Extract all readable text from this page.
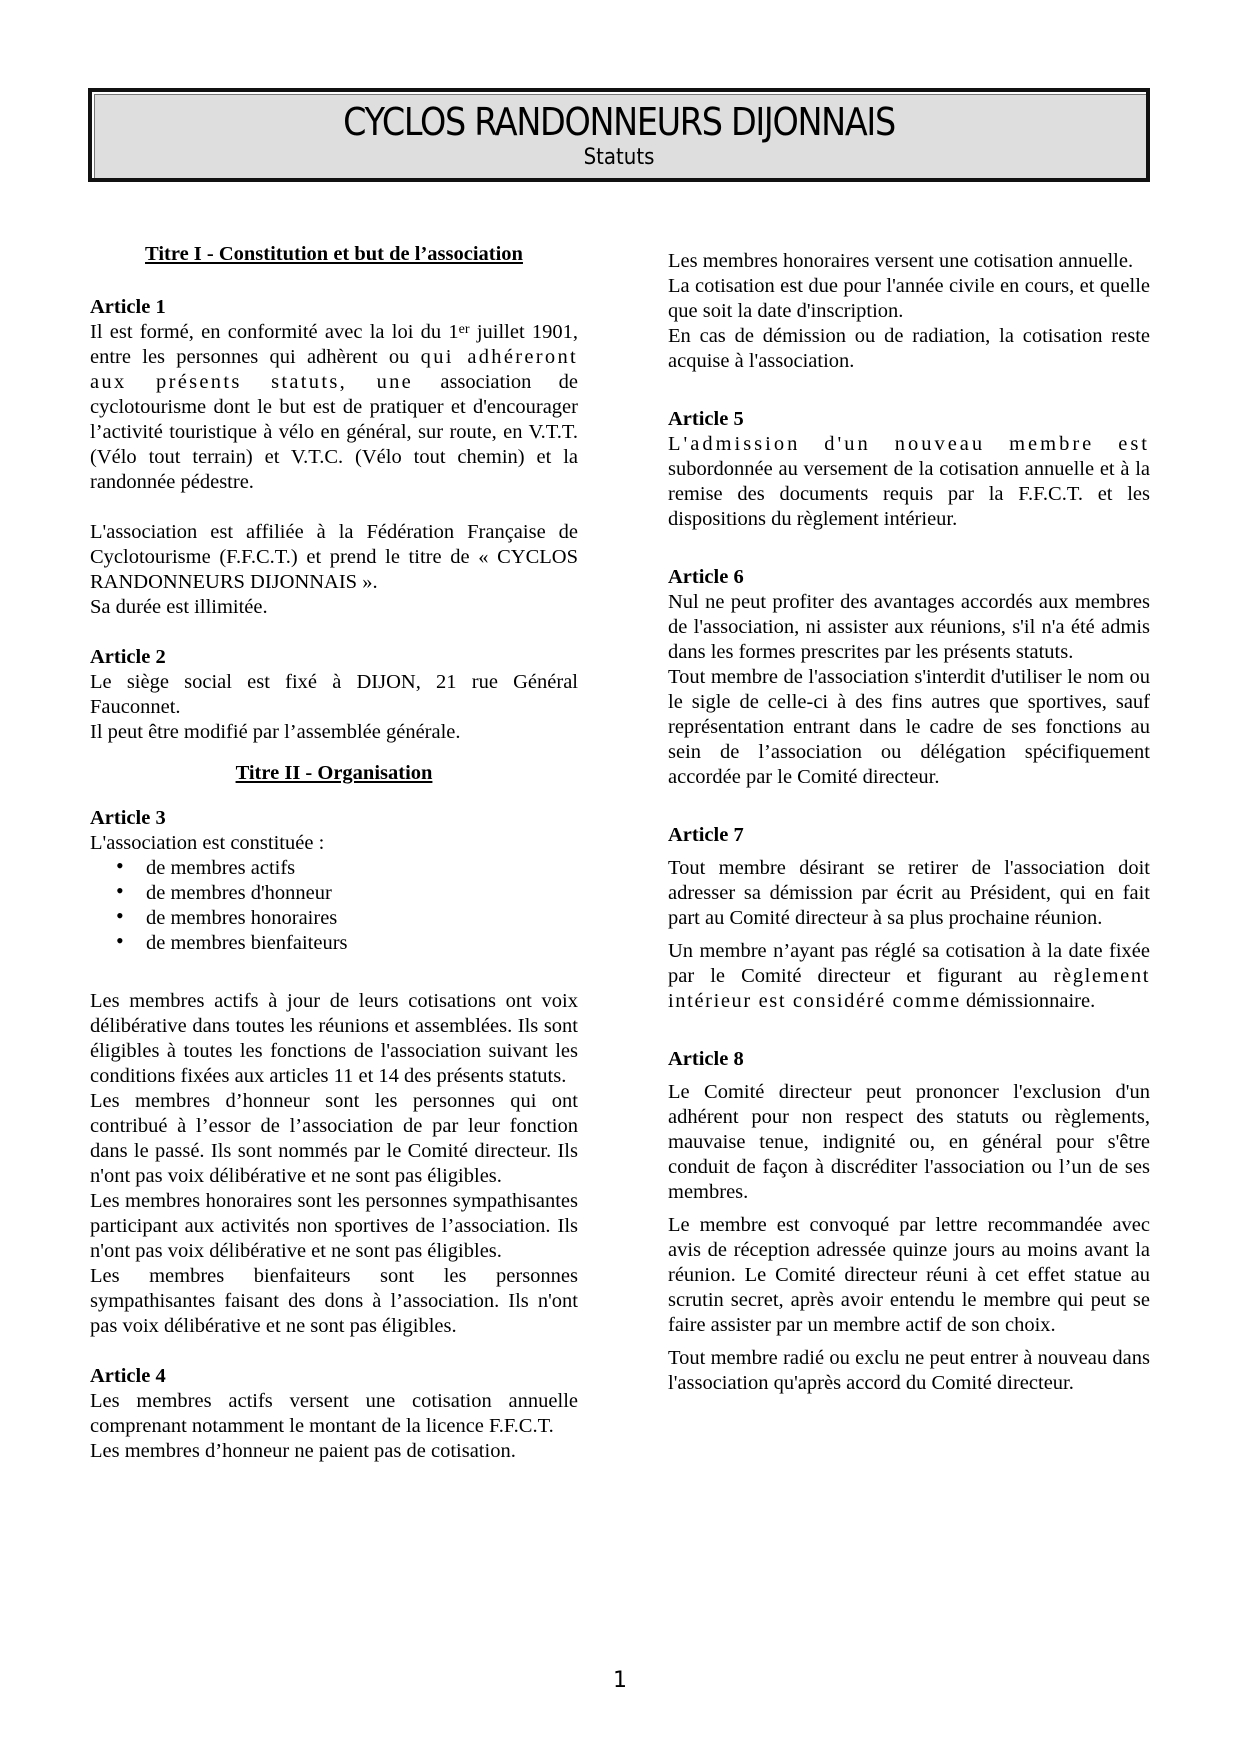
CYCLOS RANDONNEURS DIJONNAIS
Statuts

Titre I - Constitution et but de l’association

Article 1

Il est formé, en conformité avec la loi du 1er juillet 1901, entre les personnes qui adhèrent ou qui adhéreront aux présents statuts, une association de cyclotourisme dont le but est de pratiquer et d'encourager l’activité touristique à vélo en général, sur route, en V.T.T. (Vélo tout terrain) et V.T.C. (Vélo tout chemin) et la randonnée pédestre.

L'association est affiliée à la Fédération Française de Cyclotourisme (F.F.C.T.) et prend le titre de « CYCLOS RANDONNEURS DIJONNAIS ».

Sa durée est illimitée.

Article 2

Le siège social est fixé à DIJON, 21 rue Général Fauconnet.

Il peut être modifié par l’assemblée générale.

Titre II - Organisation

Article 3

L'association est constituée :

• de membres actifs
• de membres d'honneur
• de membres honoraires
• de membres bienfaiteurs

Les membres actifs à jour de leurs cotisations ont voix délibérative dans toutes les réunions et assemblées. Ils sont éligibles à toutes les fonctions de l'association suivant les conditions fixées aux articles 11 et 14 des présents statuts.

Les membres d’honneur sont les personnes qui ont contribué à l’essor de l’association de par leur fonction dans le passé. Ils sont nommés par le Comité directeur. Ils n'ont pas voix délibérative et ne sont pas éligibles.

Les membres honoraires sont les personnes sympathisantes participant aux activités non sportives de l’association. Ils n'ont pas voix délibérative et ne sont pas éligibles.

Les membres bienfaiteurs sont les personnes sympathisantes faisant des dons à l’association. Ils n'ont pas voix délibérative et ne sont pas éligibles.

Article 4

Les membres actifs versent une cotisation annuelle comprenant notamment le montant de la licence F.F.C.T.

Les membres d’honneur ne paient pas de cotisation.

Les membres honoraires versent une cotisation annuelle.

La cotisation est due pour l'année civile en cours, et quelle que soit la date d'inscription.

En cas de démission ou de radiation, la cotisation reste acquise à l'association.

Article 5

L'admission d'un nouveau membre est subordonnée au versement de la cotisation annuelle et à la remise des documents requis par la F.F.C.T. et les dispositions du règlement intérieur.

Article 6

Nul ne peut profiter des avantages accordés aux membres de l'association, ni assister aux réunions, s'il n'a été admis dans les formes prescrites par les présents statuts.

Tout membre de l'association s'interdit d'utiliser le nom ou le sigle de celle-ci à des fins autres que sportives, sauf représentation entrant dans le cadre de ses fonctions au sein de l’association ou délégation spécifiquement accordée par le Comité directeur.

Article 7

Tout membre désirant se retirer de l'association doit adresser sa démission par écrit au Président, qui en fait part au Comité directeur à sa plus prochaine réunion.

Un membre n’ayant pas réglé sa cotisation à la date fixée par le Comité directeur et figurant au règlement intérieur est considéré comme démissionnaire.

Article 8

Le Comité directeur peut prononcer l'exclusion d'un adhérent pour non respect des statuts ou règlements, mauvaise tenue, indignité ou, en général pour s'être conduit de façon à discréditer l'association ou l’un de ses membres.

Le membre est convoqué par lettre recommandée avec avis de réception adressée quinze jours au moins avant la réunion. Le Comité directeur réuni à cet effet statue au scrutin secret, après avoir entendu le membre qui peut se faire assister par un membre actif de son choix.

Tout membre radié ou exclu ne peut entrer à nouveau dans l'association qu'après accord du Comité directeur.

1
